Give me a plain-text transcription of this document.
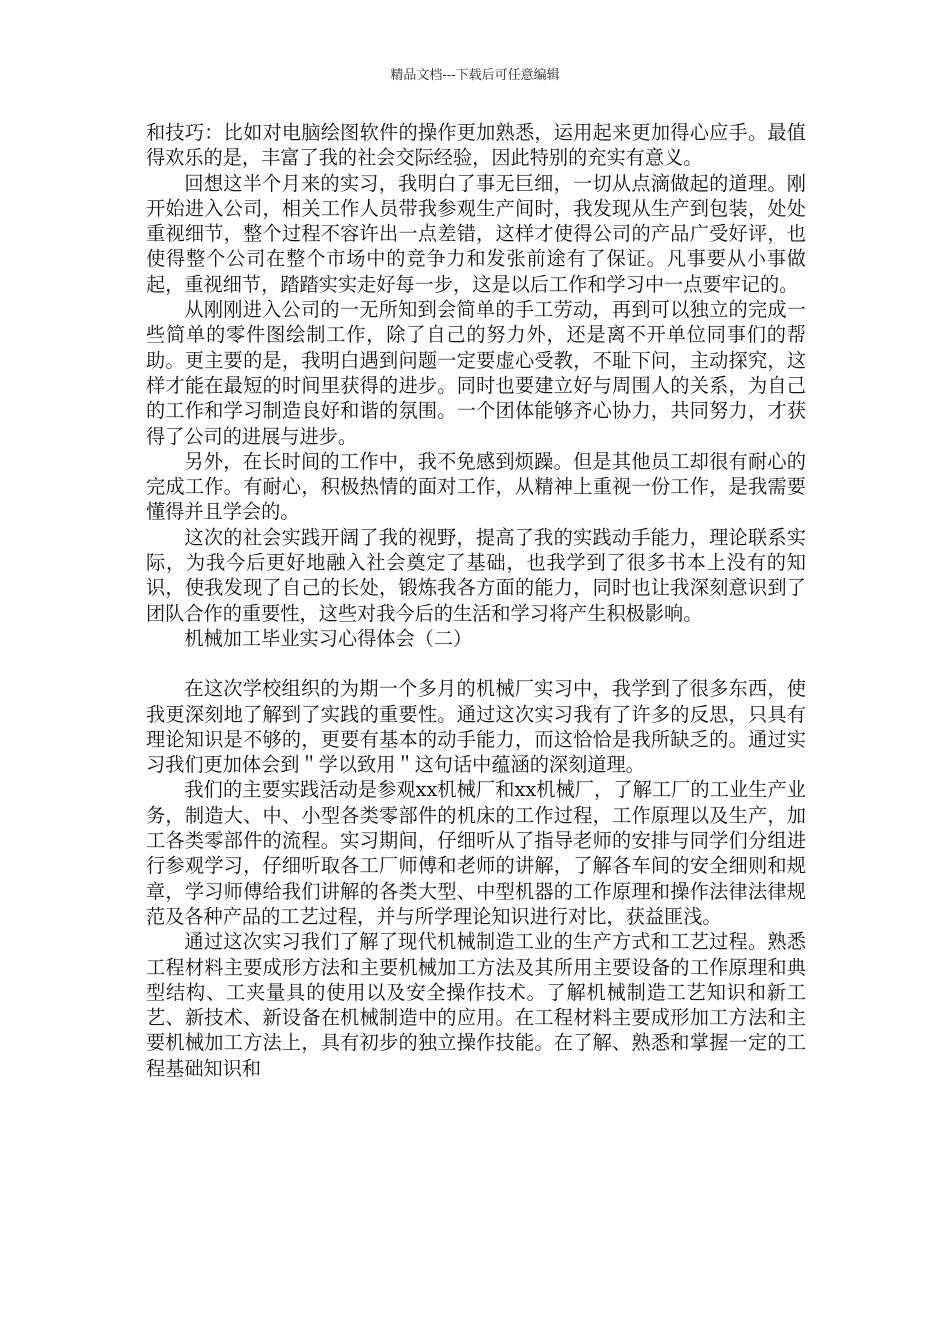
精品文档---下载后可任意编辑

和技巧：比如对电脑绘图软件的操作更加熟悉，运用起来更加得心应手。最值得欢乐的是，丰富了我的社会交际经验，因此特别的充实有意义。

回想这半个月来的实习，我明白了事无巨细，一切从点滴做起的道理。刚开始进入公司，相关工作人员带我参观生产间时，我发现从生产到包装，处处重视细节，整个过程不容许出一点差错，这样才使得公司的产品广受好评，也使得整个公司在整个市场中的竞争力和发张前途有了保证。凡事要从小事做起，重视细节，踏踏实实走好每一步，这是以后工作和学习中一点要牢记的。

从刚刚进入公司的一无所知到会简单的手工劳动，再到可以独立的完成一些简单的零件图绘制工作，除了自己的努力外，还是离不开单位同事们的帮助。更主要的是，我明白遇到问题一定要虚心受教，不耻下问，主动探究，这样才能在最短的时间里获得的进步。同时也要建立好与周围人的关系，为自己的工作和学习制造良好和谐的氛围。一个团体能够齐心协力，共同努力，才获得了公司的进展与进步。

另外，在长时间的工作中，我不免感到烦躁。但是其他员工却很有耐心的完成工作。有耐心，积极热情的面对工作，从精神上重视一份工作，是我需要懂得并且学会的。

这次的社会实践开阔了我的视野，提高了我的实践动手能力，理论联系实际，为我今后更好地融入社会奠定了基础，也我学到了很多书本上没有的知识，使我发现了自己的长处，锻炼我各方面的能力，同时也让我深刻意识到了团队合作的重要性，这些对我今后的生活和学习将产生积极影响。

机械加工毕业实习心得体会（二）

在这次学校组织的为期一个多月的机械厂实习中，我学到了很多东西，使我更深刻地了解到了实践的重要性。通过这次实习我有了许多的反思，只具有理论知识是不够的，更要有基本的动手能力，而这恰恰是我所缺乏的。通过实习我们更加体会到＂学以致用＂这句话中蕴涵的深刻道理。

我们的主要实践活动是参观xx机械厂和xx机械厂，了解工厂的工业生产业务，制造大、中、小型各类零部件的机床的工作过程，工作原理以及生产，加工各类零部件的流程。实习期间，仔细听从了指导老师的安排与同学们分组进行参观学习，仔细听取各工厂师傅和老师的讲解，了解各车间的安全细则和规章，学习师傅给我们讲解的各类大型、中型机器的工作原理和操作法律法律规范及各种产品的工艺过程，并与所学理论知识进行对比，获益匪浅。

通过这次实习我们了解了现代机械制造工业的生产方式和工艺过程。熟悉工程材料主要成形方法和主要机械加工方法及其所用主要设备的工作原理和典型结构、工夹量具的使用以及安全操作技术。了解机械制造工艺知识和新工艺、新技术、新设备在机械制造中的应用。在工程材料主要成形加工方法和主要机械加工方法上，具有初步的独立操作技能。在了解、熟悉和掌握一定的工程基础知识和
